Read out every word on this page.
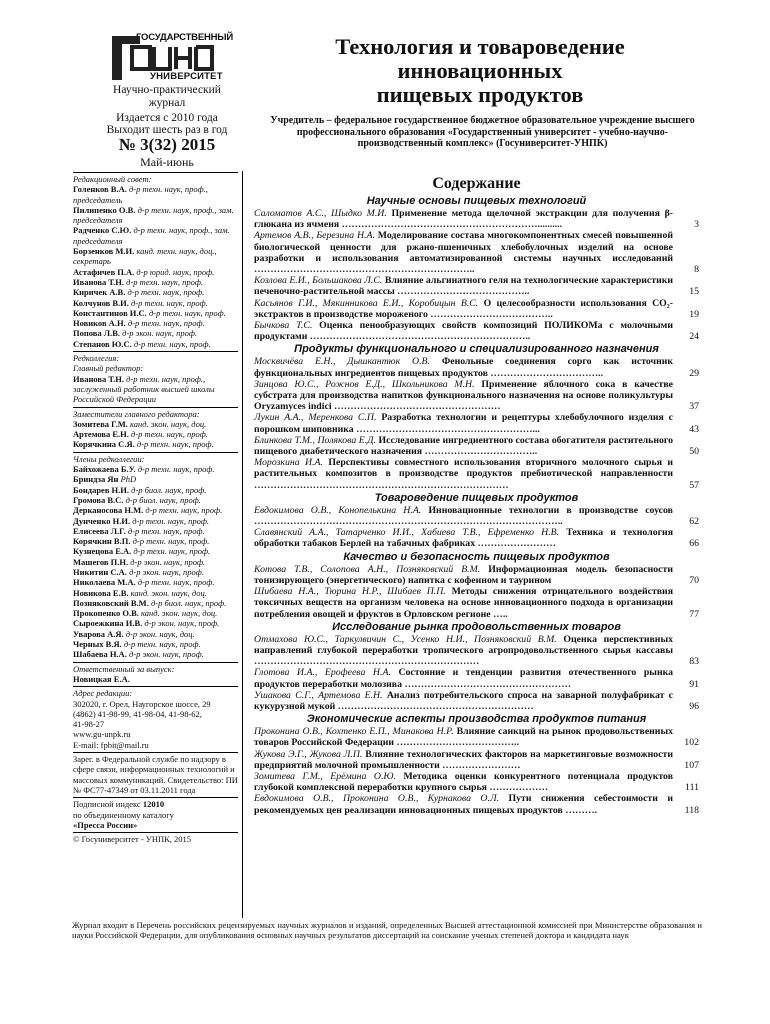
ГОСУДАРСТВЕННЫЙ
УНИВЕРСИТЕТ
Научно-практический
журнал
Издается с 2010 года
Выходит шесть раз в год
№ 3(32) 2015
Май-июнь
Технология и товароведение
инновационных
пищевых продуктов
Учредитель – федеральное государственное бюджетное образовательное учреждение высшего профессионального образования «Государственный университет - учебно-научно-производственный комплекс» (Госуниверситет-УНПК)

Редакционный совет:

Голенков В.А. д-р техн. наук, проф., председатель

Пилипенко О.В. д-р техн. наук, проф., зам. председателя

Радченко С.Ю. д-р техн. наук, проф., зам. председателя

Борзенков М.И. канд. техн. наук, доц., секретарь

Астафичев П.А. д-р юрид. наук, проф.

Иванова Т.Н. д-р техн. наук, проф.

Киричек А.В. д-р техн. наук, проф.

Колчунов В.И. д-р техн. наук, проф.

Константинов И.С. д-р техн. наук, проф.

Новиков А.Н. д-р техн. наук, проф.

Попова Л.В. д-р экон. наук, проф.

Степанов Ю.С. д-р техн. наук, проф.

Редколлегия:

Главный редактор:

Иванова Т.Н. д-р техн. наук, проф., заслуженный работник высшей школы Российской Федерации

Заместители главного редактора:

Зомитева Г.М. канд. экон. наук, доц.

Артемова Е.Н. д-р техн. наук, проф.

Корячкина С.Я. д-р техн. наук, проф.

Члены редколлегии:

Байхожаева Б.У. д-р техн. наук, проф.

Бриндза Ян PhD

Бондарев Н.И. д-р биол. наук, проф.

Громова В.С. д-р биол. наук, проф.

Дерканосова Н.М. д-р техн. наук, проф.

Дунченко Н.И. д-р техн. наук, проф.

Елисеева Л.Г. д-р техн. наук, проф.

Корячкин В.П. д-р техн. наук, проф.

Кузнецова Е.А. д-р техн. наук, проф.

Машегов П.Н. д-р экон. наук, проф.

Никитин С.А. д-р экон. наук, проф.

Николаева М.А. д-р техн. наук, проф.

Новикова Е.В. канд. экон. наук, доц.

Позняковский В.М. д-р биол. наук, проф.

Прокопенко О.В. канд. экон. наук, доц.

Сыроежкина И.В. д-р экон. наук, проф.

Уварова А.Я. д-р экон. наук, доц.

Черных В.Я. д-р техн. наук, проф.

Шабаева Н.А. д-р экон. наук, проф.

Ответственный за выпуск:

Новицкая Е.А.

Адрес редакции:

302020, г. Орел, Наугорское шоссе, 29

(4862) 41-98-99, 41-98-04, 41-98-62,

41-98-27

www.gu-unpk.ru

E-mail: fpbit@mail.ru

Зарег. в Федеральной службе по надзору в сфере связи, информационных технологий и массовых коммуникаций. Свидетельство: ПИ № ФС77-47349 от 03.11.2011 года

Подписной индекс 12010

по объединенному каталогу

«Пресса России»

© Госуниверситет - УНПК, 2015

Содержание
Научные основы пищевых технологий
Саломатов А.С., Шыдко М.И. Применение метода щелочной экстракции для получения β-глюкана из ячменя ……………………………………………………..........	3
Артемов А.В., Березина Н.А. Моделирование состава многокомпонентных смесей повышенной биологической ценности для ржано-пшеничных хлебобулочных изделий на основе разработки и использования автоматизированной системы научных исследований …………………………………………………………..	8
Козлова Е.И., Большакова Л.С. Влияние альгинатного геля на технологические характеристики печеночно-растительной массы …………………………………..	15
Касьянов Г.И., Мякинникова Е.И., Коробицын В.С. О целесообразности использования CO₂-экстрактов в производстве мороженого ………………………………..	19
Бычкова Т.С. Оценка пенообразующих свойств композиций ПОЛИКОМа с молочными продуктами …………………………………………………………..	24
Продукты функционального и специализированного назначения
Москвичёва Е.Н., Дышкантюк О.В. Фенольные соединения сорго как источник функциональных ингредиентов пищевых продуктов ……………………………..	29
Зинцова Ю.С., Рожнов Е.Д., Школьникова М.Н. Применение яблочного сока в качестве субстрата для производства напитков функционального назначения на основе поликультуры Oryzamyces indici ……………………………………………	37
Лукин А.А., Меренкова С.П. Разработка технологии и рецептуры хлебобулочного изделия с порошком шиповника ………………………………………………...	43
Блинкова Т.М., Полякова Е.Д. Исследование ингредиентного состава обогатителя растительного пищевого диабетического назначения ……………………………..	50
Морозкина И.А. Перспективы совместного использования вторичного молочного сырья и растительных композитов в производстве продуктов пребиотической направленности ……………………………………………………………………	57
Товароведение пищевых продуктов
Евдокимова О.В., Конопелькина Н.А. Инновационные технологии в производстве соусов …………………………………………………………………………………..	62
Славянский А.А., Татарченко И.И., Хабиева Т.В., Ефременко Н.В. Техника и технология обработки табаков Берлей на табачных фабриках ……………………	66
Качество и безопасность пищевых продуктов
Котова Т.В., Солопова А.Н., Позняковский В.М. Информационная модель безопасности тонизирующего (энергетического) напитка с кофеином и таурином	70
Шибаева Н.А., Тюрина Н.Р., Шибаев П.П. Методы снижения отрицательного воздействия токсичных веществ на организм человека на основе инновационного подхода в организации потребления овощей и фруктов в Орловском регионе …..	77
Исследование рынка продовольственных товаров
Отмахова Ю.С., Таркулвичин С., Усенко Н.И., Позняковский В.М. Оценка перспективных направлений глубокой переработки тропического агропродовольственного сырья кассавы ……………………………………………………………	83
Глотова И.А., Ерофеева Н.А. Состояние и тенденции развития отечественного рынка продуктов переработки молозива ……………………………………………	91
Ушакова С.Г., Артемова Е.Н. Анализ потребительского спроса на заварной полуфабрикат с кукурузной мукой ……………………………………………………	96
Экономические аспекты производства продуктов питания
Проконина О.В., Кохтенко Е.П., Минакова Н.Р. Влияние санкций на рынок продовольственных товаров Российской Федерации ………………………………..	102
Жукова Э.Г., Жукова Л.П. Влияние технологических факторов на маркетинговые возможности предприятий молочной промышленности ……………………	107
Зомитева Г.М., Ерёмина О.Ю. Методика оценки конкурентного потенциала продуктов глубокой комплексной переработки крупного сырья ………………	111
Евдокимова О.В., Проконина О.В., Курнакова О.Л. Пути снижения себестоимости и рекомендуемых цен реализации инновационных пищевых продуктов ……….	118
Журнал входит в Перечень российских рецензируемых научных журналов и изданий, определенных Высшей аттестационной комиссией при Министерстве образования и науки Российской Федерации, для опубликования основных научных результатов диссертаций на соискание ученых степеней доктора и кандидата наук
